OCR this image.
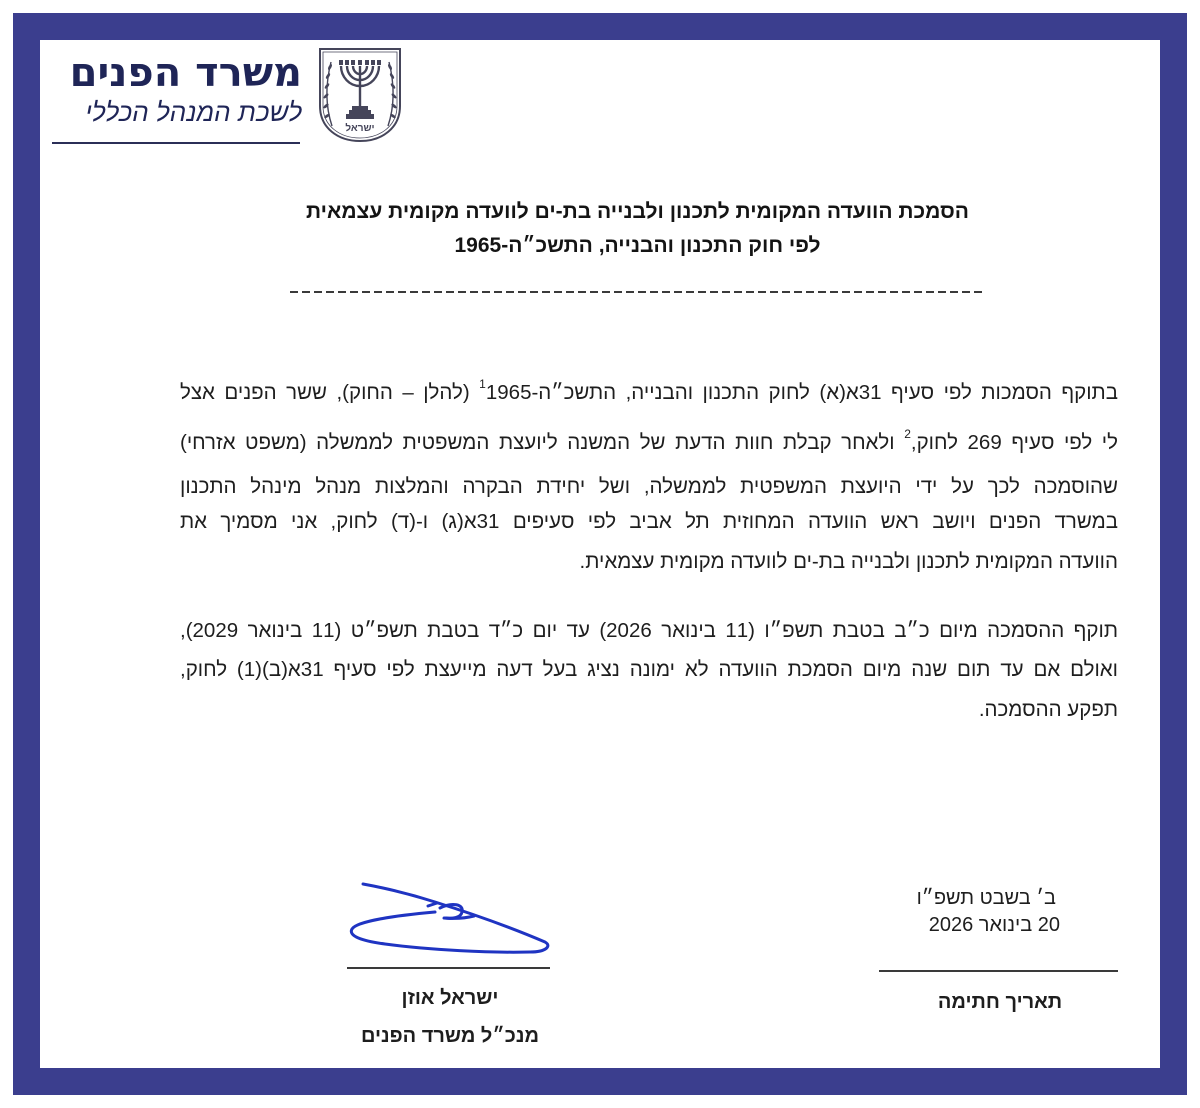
משרד הפנים
לשכת המנהל הכללי
ישראל
הסמכת הוועדה המקומית לתכנון ולבנייה בת-ים לוועדה מקומית עצמאית
לפי חוק התכנון והבנייה, התשכ״ה-1965
בתוקף הסמכות לפי סעיף 31א(א) לחוק התכנון והבנייה, התשכ״ה-1965$^1$ (להלן – החוק), ששר הפנים אצל
לי לפי סעיף 269 לחוק,$^2$ ולאחר קבלת חוות הדעת של המשנה ליועצת המשפטית לממשלה (משפט אזרחי)
שהוסמכה לכך על ידי היועצת המשפטית לממשלה, ושל יחידת הבקרה והמלצות מנהל מינהל התכנון
במשרד הפנים ויושב ראש הוועדה המחוזית תל אביב לפי סעיפים 31א(ג) ו-(ד) לחוק, אני מסמיך את
הוועדה המקומית לתכנון ולבנייה בת-ים לוועדה מקומית עצמאית.
תוקף ההסמכה מיום כ״ב בטבת תשפ״ו (11 בינואר 2026) עד יום כ״ד בטבת תשפ״ט (11 בינואר 2029),
ואולם אם עד תום שנה מיום הסמכת הוועדה לא ימונה נציג בעל דעה מייעצת לפי סעיף 31א(ב)(1) לחוק,
תפקע ההסמכה.
ב׳ בשבט תשפ״ו
20 בינואר 2026
תאריך חתימה
ישראל אוזן
מנכ״ל משרד הפנים
